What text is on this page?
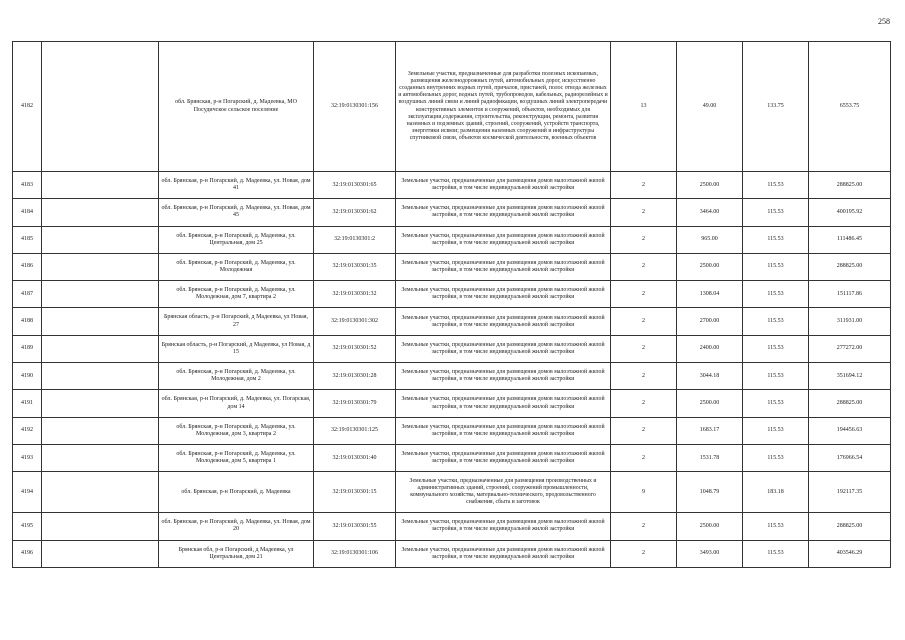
258
4182		обл. Брянская, р-н Погарский, д. Мадеевка, МО Посудичское сельское поселение	32:19:0130301:156	Земельные участки, предназначенные для разработки полезных ископаемых, размещения железнодорожных путей, автомобильных дорог, искусственно созданных внутренних водных путей, причалов, пристаней, полос отвода железных и автомобильных дорог, водных путей, трубопроводов, кабельных, радиорелейных и воздушных линий связи и линий радиофикации, воздушных линий электропередачи конструктивных элементов и сооружений, объектов, необходимых для эксплуатации,содержания, строительства, реконструкции, ремонта, развития наземных и подземных зданий, строений, сооружений, устройств транспорта, энергетики исвязи; размещения наземных сооружений и инфраструктуры спутниковой связи, объектов космической деятельности, военных объектов	13	49.00	133.75	6553.75
4183		обл. Брянская, р-н Погарский, д. Мадеевка, ул. Новая, дом 41	32:19:0130301:65	Земельные участки, предназначенные для размещения домов малоэтажной жилой застройки, в том числе индивидуальной жилой застройки	2	2500.00	115.53	288825.00
4184		обл. Брянская, р-н Погарский, д. Мадеевка, ул. Новая, дом 45	32:19:0130301:62	Земельные участки, предназначенные для размещения домов малоэтажной жилой застройки, в том числе индивидуальной жилой застройки	2	3464.00	115.53	400195.92
4185		обл. Брянская, р-н Погарский, д. Мадеевка, ул. Центральная, дом 25	32:19:0130301:2	Земельные участки, предназначенные для размещения домов малоэтажной жилой застройки, в том числе индивидуальной жилой застройки	2	965.00	115.53	111486.45
4186		обл. Брянская, р-н Погарский, д. Мадеевка, ул. Молодежная	32:19:0130301:35	Земельные участки, предназначенные для размещения домов малоэтажной жилой застройки, в том числе индивидуальной жилой застройки	2	2500.00	115.53	288825.00
4187		обл. Брянская, р-н Погарский, д. Мадеевка, ул. Молодежная, дом 7, квартира 2	32:19:0130301:32	Земельные участки, предназначенные для размещения домов малоэтажной жилой застройки, в том числе индивидуальной жилой застройки	2	1308.04	115.53	151117.86
4188		Брянская область, р-н Погарский, д Мадеевка, ул Новая, 27	32:19:0130301:302	Земельные участки, предназначенные для размещения домов малоэтажной жилой застройки, в том числе индивидуальной жилой застройки	2	2700.00	115.53	311931.00
4189		Брянская область, р-н Погарский, д Мадеевка, ул Новая, д 15	32:19:0130301:52	Земельные участки, предназначенные для размещения домов малоэтажной жилой застройки, в том числе индивидуальной жилой застройки	2	2400.00	115.53	277272.00
4190		обл. Брянская, р-н Погарский, д. Мадеевка, ул. Молодежная, дом 2	32:19:0130301:28	Земельные участки, предназначенные для размещения домов малоэтажной жилой застройки, в том числе индивидуальной жилой застройки	2	3044.18	115.53	351694.12
4191		обл. Брянская, р-н Погарский, д. Мадеевка, ул. Погарская, дом 14	32:19:0130301:79	Земельные участки, предназначенные для размещения домов малоэтажной жилой застройки, в том числе индивидуальной жилой застройки	2	2500.00	115.53	288825.00
4192		обл. Брянская, р-н Погарский, д. Мадеевка, ул. Молодежная, дом 3, квартира 2	32:19:0130301:125	Земельные участки, предназначенные для размещения домов малоэтажной жилой застройки, в том числе индивидуальной жилой застройки	2	1683.17	115.53	194456.63
4193		обл. Брянская, р-н Погарский, д. Мадеевка, ул. Молодежная, дом 5, квартира 1	32:19:0130301:40	Земельные участки, предназначенные для размещения домов малоэтажной жилой застройки, в том числе индивидуальной жилой застройки	2	1531.78	115.53	176966.54
4194		обл. Брянская, р-н Погарский, д. Мадеевка	32:19:0130301:15	Земельные участки, предназначенные для размещения производственных и административных зданий, строений, сооружений промышленности, коммунального хозяйства, материально-технического, продовольственного снабжения, сбыта и заготовок	9	1048.79	183.18	192117.35
4195		обл. Брянская, р-н Погарский, д. Мадеевка, ул. Новая, дом 20	32:19:0130301:55	Земельные участки, предназначенные для размещения домов малоэтажной жилой застройки, в том числе индивидуальной жилой застройки	2	2500.00	115.53	288825.00
4196		Брянская обл, р-н Погарский, д Мадеевка, ул Центральная, дом 21	32:19:0130301:106	Земельные участки, предназначенные для размещения домов малоэтажной жилой застройки, в том числе индивидуальной жилой застройки	2	3493.00	115.53	403546.29
